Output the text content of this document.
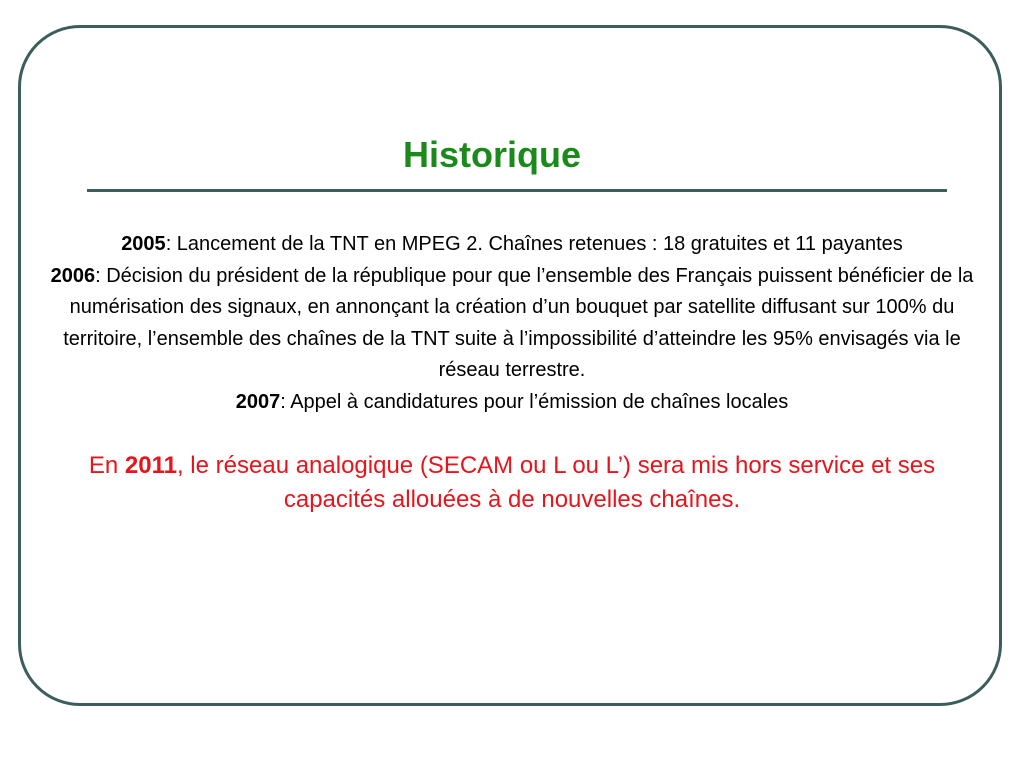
Historique

2005: Lancement de la TNT en MPEG 2. Chaînes retenues : 18 gratuites et 11 payantes

2006: Décision du président de la république pour que l’ensemble des Français puissent bénéficier de la numérisation des signaux, en annonçant la création d’un bouquet par satellite diffusant sur 100% du territoire, l’ensemble des chaînes de la TNT suite à l’impossibilité d’atteindre les 95% envisagés via le réseau terrestre.

2007: Appel à candidatures pour l’émission de chaînes locales

En 2011, le réseau analogique (SECAM ou L ou L’) sera mis hors service et ses capacités allouées à de nouvelles chaînes.
